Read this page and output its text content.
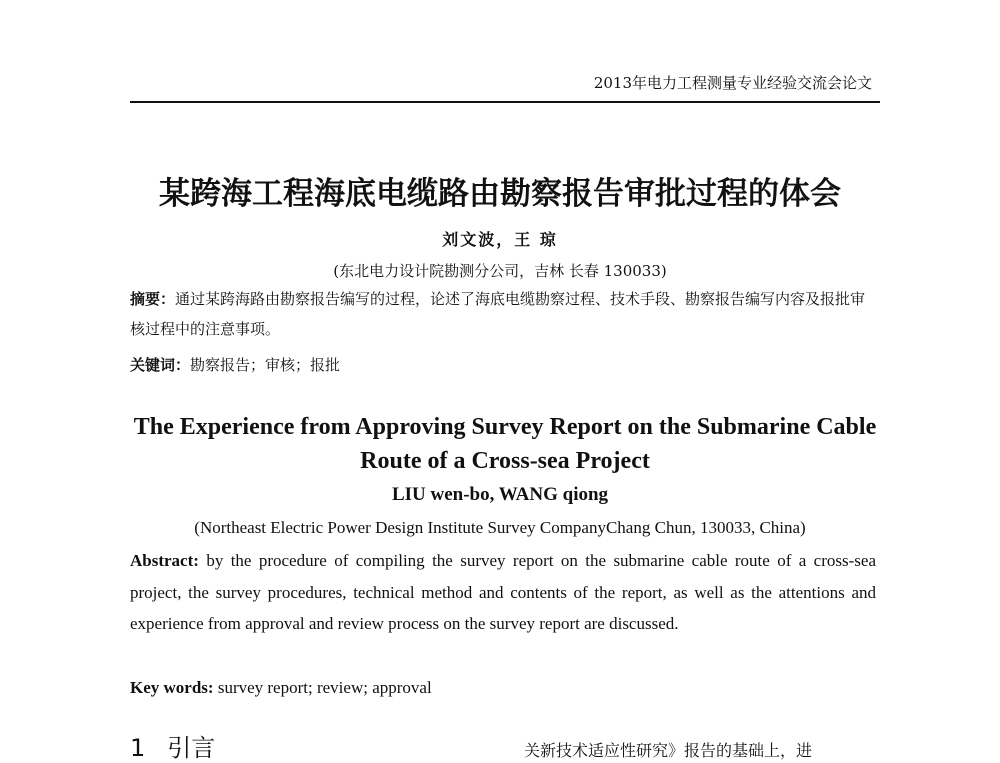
2013年电力工程测量专业经验交流会论文
某跨海工程海底电缆路由勘察报告审批过程的体会
刘文波，王 琼
(东北电力设计院勘测分公司，吉林 长春 130033)
摘要：通过某跨海路由勘察报告编写的过程，论述了海底电缆勘察过程、技术手段、勘察报告编写内容及报批审核过程中的注意事项。
关键词：勘察报告；审核；报批
The Experience from Approving Survey Report on the Submarine Cable Route of a Cross-sea Project
LIU wen-bo, WANG qiong
(Northeast Electric Power Design Institute Survey CompanyChang Chun, 130033, China)
Abstract: by the procedure of compiling the survey report on the submarine cable route of a cross-sea project, the survey procedures, technical method and contents of the report, as well as the attentions and experience from approval and review process on the survey report are discussed.
Key words: survey report; review; approval
1 引言	关新技术适应性研究》报告的基础上，进
